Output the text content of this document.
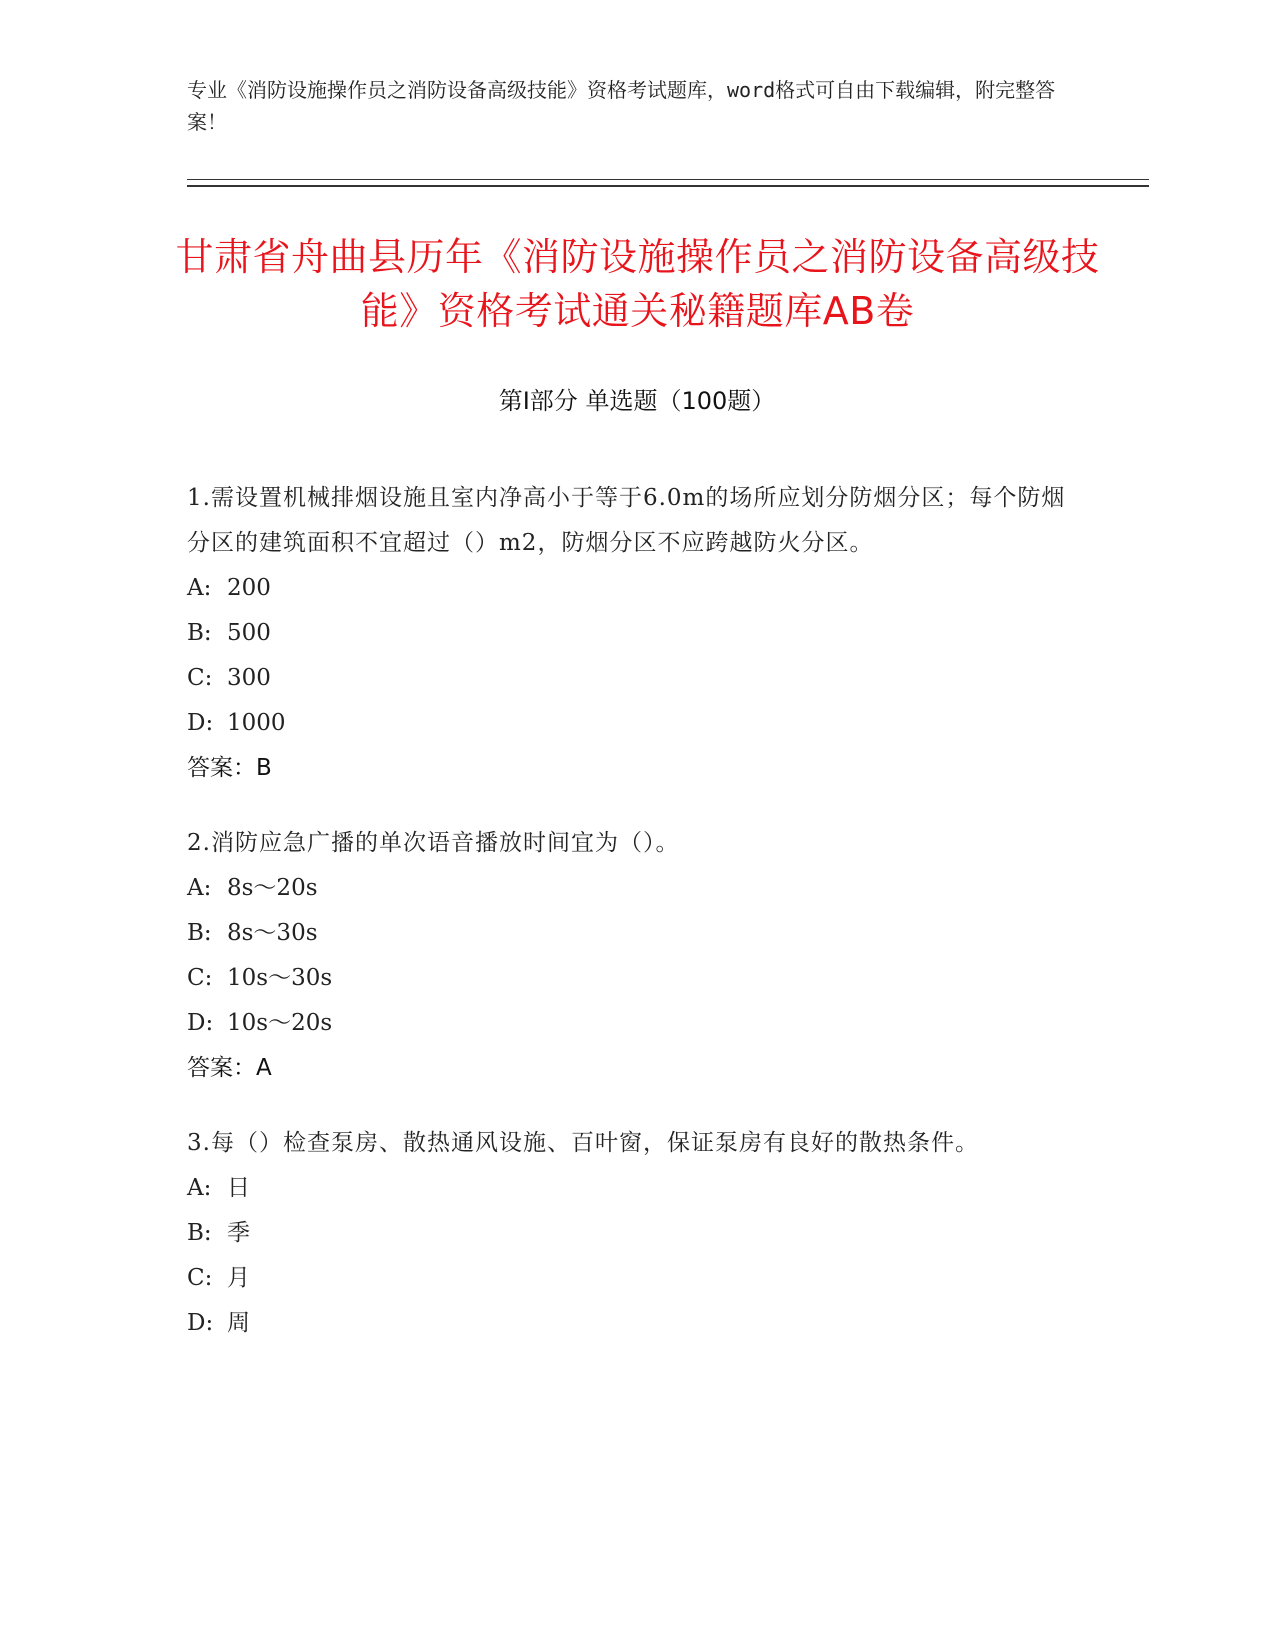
专业《消防设施操作员之消防设备高级技能》资格考试题库，word格式可自由下载编辑，附完整答案！
甘肃省舟曲县历年《消防设施操作员之消防设备高级技能》资格考试通关秘籍题库AB卷
第I部分 单选题（100题）
1.需设置机械排烟设施且室内净高小于等于6.0m的场所应划分防烟分区；每个防烟分区的建筑面积不宜超过（）m2，防烟分区不应跨越防火分区。
A: 200
B: 500
C: 300
D: 1000
答案：B
2.消防应急广播的单次语音播放时间宜为（）。
A: 8s～20s
B: 8s～30s
C: 10s～30s
D: 10s～20s
答案：A
3.每（）检查泵房、散热通风设施、百叶窗，保证泵房有良好的散热条件。
A: 日
B: 季
C: 月
D: 周
